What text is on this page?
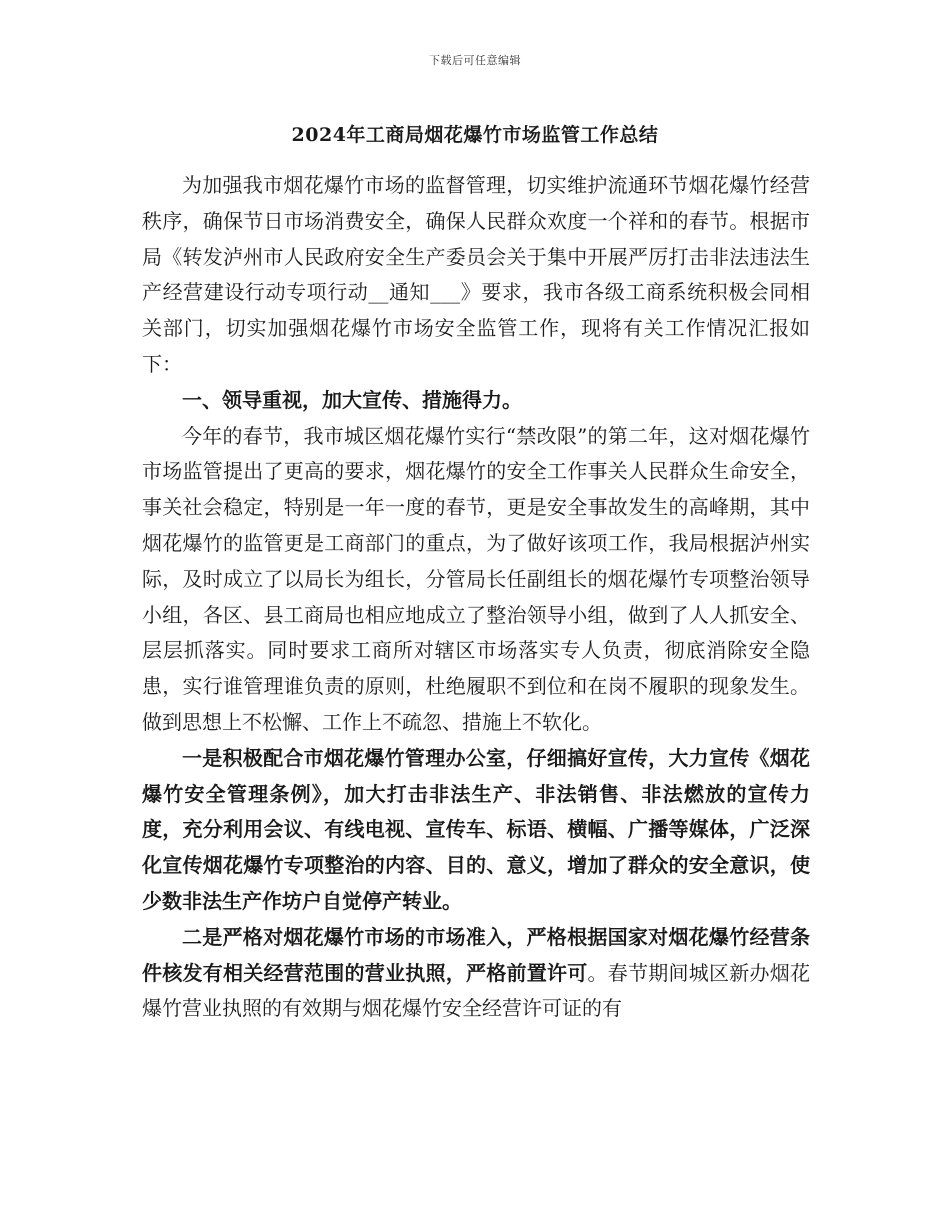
下载后可任意编辑
2024年工商局烟花爆竹市场监管工作总结

为加强我市烟花爆竹市场的监督管理，切实维护流通环节烟花爆竹经营秩序，确保节日市场消费安全，确保人民群众欢度一个祥和的春节。根据市局《转发泸州市人民政府安全生产委员会关于集中开展严厉打击非法违法生产经营建设行动专项行动__通知___》要求，我市各级工商系统积极会同相关部门，切实加强烟花爆竹市场安全监管工作，现将有关工作情况汇报如下：

一、领导重视，加大宣传、措施得力。

今年的春节，我市城区烟花爆竹实行“禁改限”的第二年，这对烟花爆竹市场监管提出了更高的要求，烟花爆竹的安全工作事关人民群众生命安全，事关社会稳定，特别是一年一度的春节，更是安全事故发生的高峰期，其中烟花爆竹的监管更是工商部门的重点，为了做好该项工作，我局根据泸州实际，及时成立了以局长为组长，分管局长任副组长的烟花爆竹专项整治领导小组，各区、县工商局也相应地成立了整治领导小组，做到了人人抓安全、层层抓落实。同时要求工商所对辖区市场落实专人负责，彻底消除安全隐患，实行谁管理谁负责的原则，杜绝履职不到位和在岗不履职的现象发生。做到思想上不松懈、工作上不疏忽、措施上不软化。

一是积极配合市烟花爆竹管理办公室，仔细搞好宣传，大力宣传《烟花爆竹安全管理条例》，加大打击非法生产、非法销售、非法燃放的宣传力度，充分利用会议、有线电视、宣传车、标语、横幅、广播等媒体，广泛深化宣传烟花爆竹专项整治的内容、目的、意义，增加了群众的安全意识，使少数非法生产作坊户自觉停产转业。

二是严格对烟花爆竹市场的市场准入，严格根据国家对烟花爆竹经营条件核发有相关经营范围的营业执照，严格前置许可。春节期间城区新办烟花爆竹营业执照的有效期与烟花爆竹安全经营许可证的有
